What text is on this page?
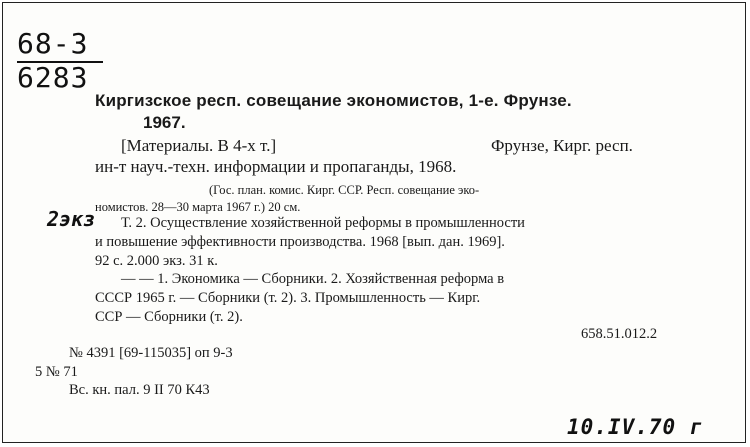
68-3
6283
Киргизское респ. совещание экономистов, 1-е. Фрунзе.
1967.
[Материалы. В 4-х т.]	Фрунзе, Кирг. респ.
ин-т науч.-техн. информации и пропаганды, 1968.
(Гос. план. комис. Кирг. ССР. Респ. совещание эко-
номистов. 28—30 марта 1967 г.) 20 см.
2экз Т. 2. Осуществление хозяйственной реформы в промышленности
и повышение эффективности производства. 1968 [вып. дан. 1969].
92 с. 2.000 экз. 31 к.
— — 1. Экономика — Сборники. 2. Хозяйственная реформа в
СССР 1965 г. — Сборники (т. 2). 3. Промышленность — Кирг.
ССР — Сборники (т. 2).
658.51.012.2
№ 4391 [69-115035] оп 9-3
5 № 71
Вс. кн. пал. 9 II 70 К43
10.IV.70 г
